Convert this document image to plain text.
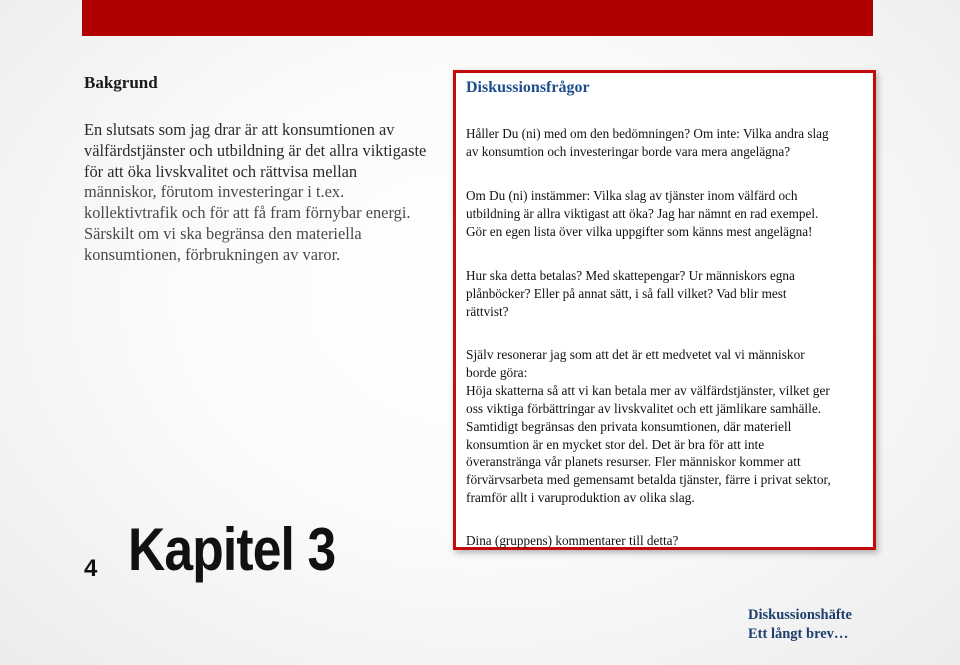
Bakgrund

En slutsats som jag drar är att konsumtionen av

välfärdstjänster och utbildning är det allra viktigaste

för att öka livskvalitet och rättvisa mellan

människor, förutom investeringar i t.ex.

kollektivtrafik och för att få fram förnybar energi.

Särskilt om vi ska begränsa den materiella

konsumtionen, förbrukningen av varor.

Diskussionsfrågor
Håller Du (ni) med om den bedömningen? Om inte: Vilka andra slag
av konsumtion och investeringar borde vara mera angelägna?
Om Du (ni) instämmer: Vilka slag av tjänster inom välfärd och
utbildning är allra viktigast att öka? Jag har nämnt en rad exempel.
Gör en egen lista över vilka uppgifter som känns mest angelägna!
Hur ska detta betalas? Med skattepengar? Ur människors egna
plånböcker? Eller på annat sätt, i så fall vilket? Vad blir mest
rättvist?
Själv resonerar jag som att det är ett medvetet val vi människor
borde göra:
Höja skatterna så att vi kan betala mer av välfärdstjänster, vilket ger
oss viktiga förbättringar av livskvalitet och ett jämlikare samhälle.
Samtidigt begränsas den privata konsumtionen, där materiell
konsumtion är en mycket stor del. Det är bra för att inte
överanstränga vår planets resurser. Fler människor kommer att
förvärvsarbeta med gemensamt betalda tjänster, färre i privat sektor,
framför allt i varuproduktion av olika slag.
Dina (gruppens) kommentarer till detta?
4 Kapitel 3
Diskussionshäfte
Ett långt brev…
